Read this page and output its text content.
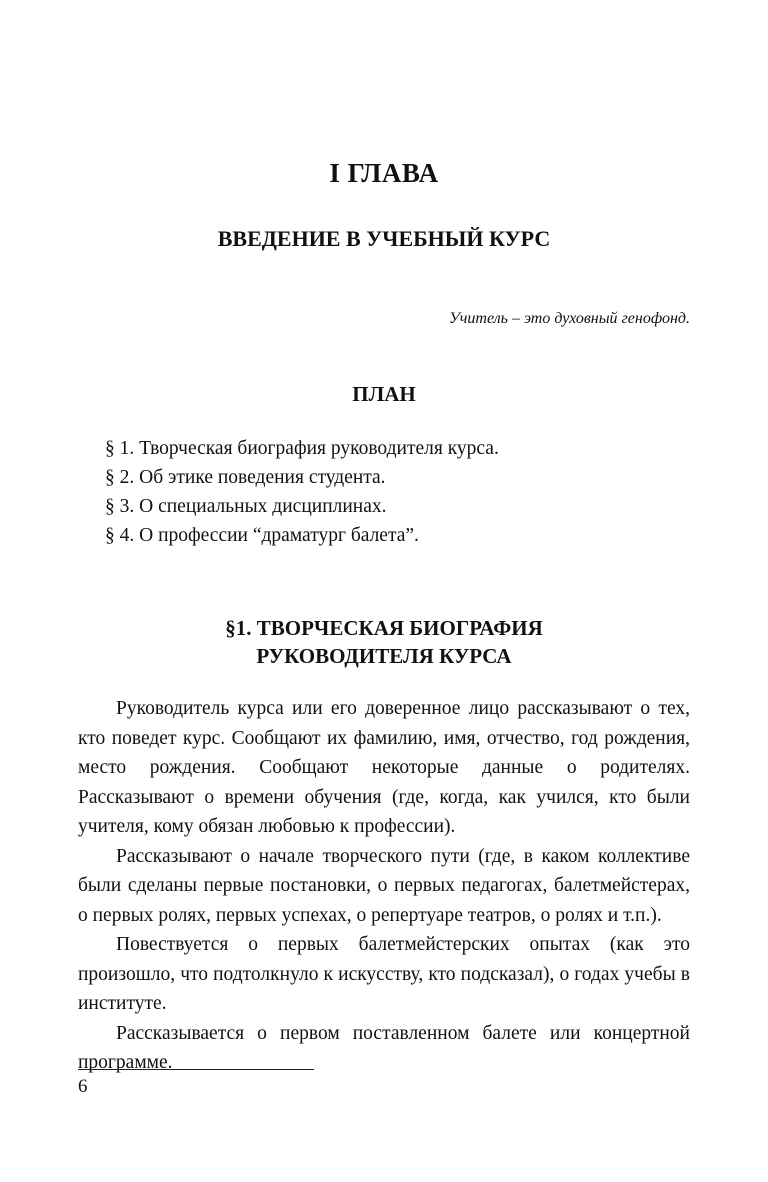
I ГЛАВА
ВВЕДЕНИЕ В УЧЕБНЫЙ КУРС

Учитель – это духовный генофонд.

ПЛАН
§ 1. Творческая биография руководителя курса.
§ 2. Об этике поведения студента.
§ 3. О специальных дисциплинах.
§ 4. О профессии “драматург балета”.
§1. ТВОРЧЕСКАЯ БИОГРАФИЯ
РУКОВОДИТЕЛЯ КУРСА

Руководитель курса или его доверенное лицо рассказывают о тех, кто поведет курс. Сообщают их фамилию, имя, отчество, год рождения, место рождения. Сообщают некоторые данные о родителях. Рассказывают о времени обучения (где, когда, как учился, кто были учителя, кому обязан любовью к профессии).

Рассказывают о начале творческого пути (где, в каком коллективе были сделаны первые постановки, о первых педагогах, балетмейстерах, о первых ролях, первых успехах, о репертуаре театров, о ролях и т.п.).

Повествуется о первых балетмейстерских опытах (как это произошло, что подтолкнуло к искусству, кто подсказал), о годах учебы в институте.

Рассказывается о первом поставленном балете или концертной программе.

6
